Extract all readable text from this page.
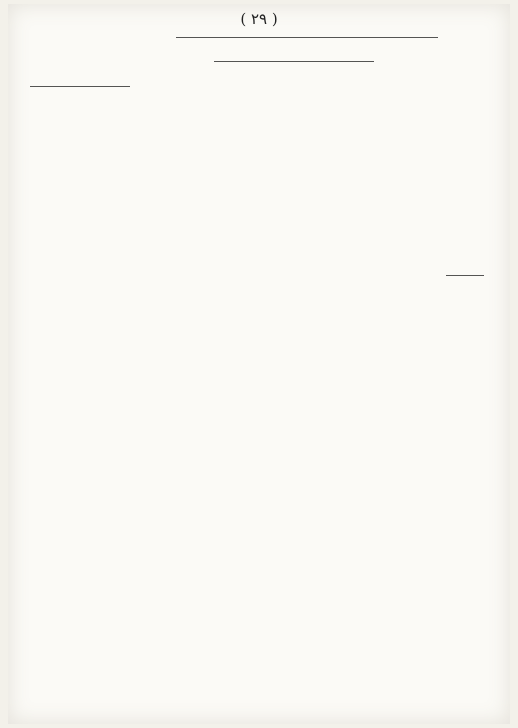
( ٢٩ )
